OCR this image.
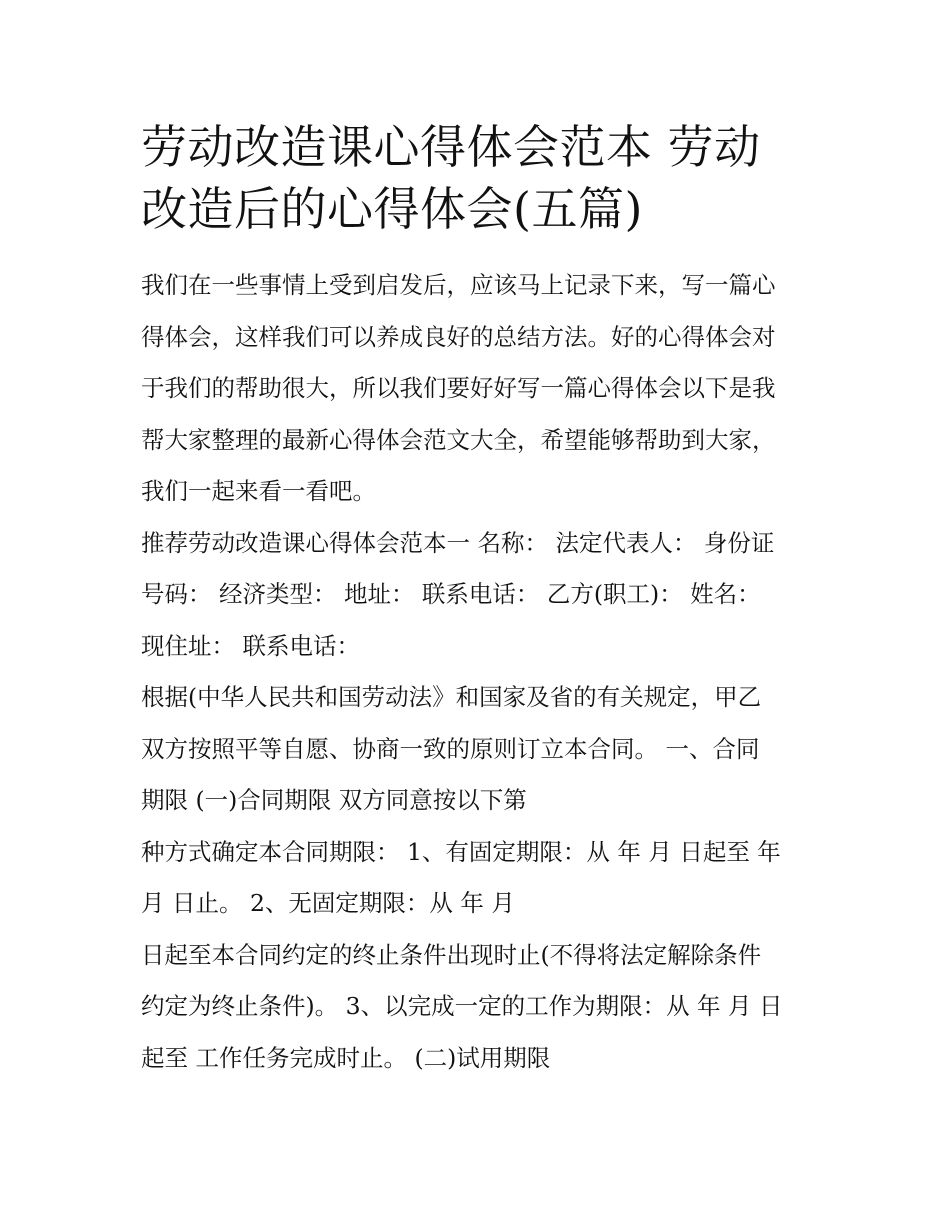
劳动改造课心得体会范本 劳动
改造后的心得体会(五篇)
我们在一些事情上受到启发后，应该马上记录下来，写一篇心
得体会，这样我们可以养成良好的总结方法。好的心得体会对
于我们的帮助很大，所以我们要好好写一篇心得体会以下是我
帮大家整理的最新心得体会范文大全，希望能够帮助到大家，
我们一起来看一看吧。
推荐劳动改造课心得体会范本一 名称： 法定代表人： 身份证
号码： 经济类型： 地址： 联系电话： 乙方(职工)： 姓名：
现住址： 联系电话：
根据(中华人民共和国劳动法》和国家及省的有关规定，甲乙
双方按照平等自愿、协商一致的原则订立本合同。 一、合同
期限 (一)合同期限 双方同意按以下第
种方式确定本合同期限： 1、有固定期限：从 年 月 日起至 年
月 日止。 2、无固定期限：从 年 月
日起至本合同约定的终止条件出现时止(不得将法定解除条件
约定为终止条件)。 3、以完成一定的工作为期限：从 年 月 日
起至 工作任务完成时止。 (二)试用期限
